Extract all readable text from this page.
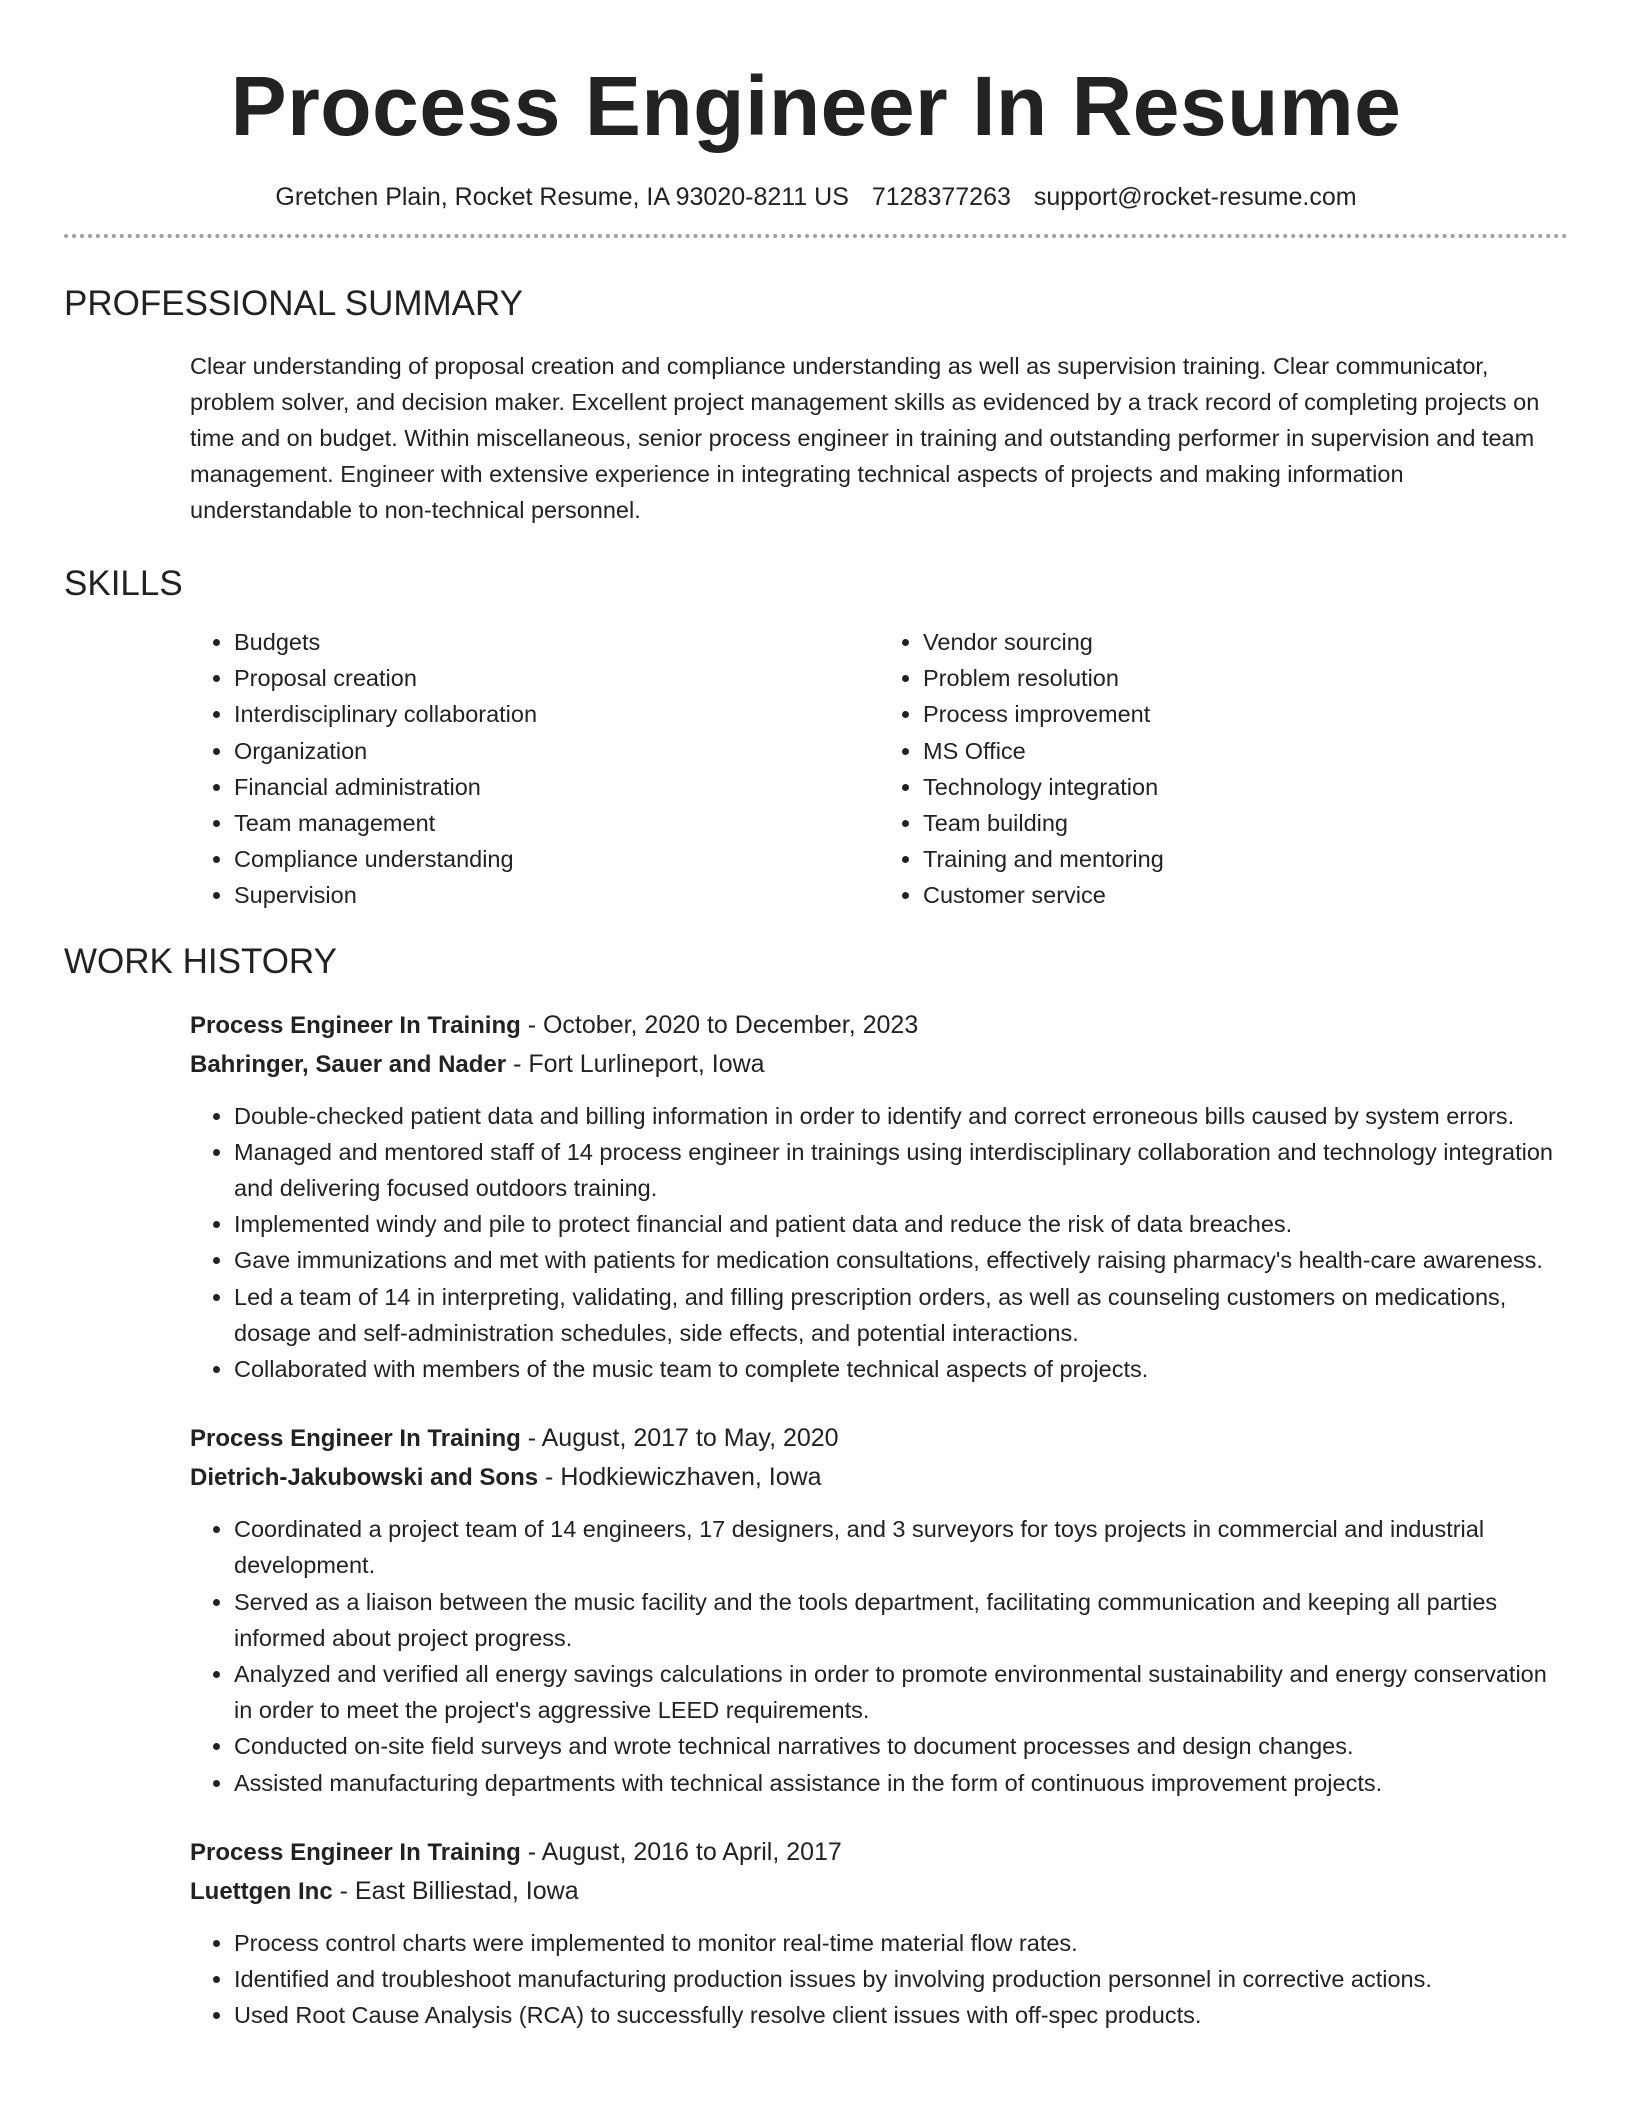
Process Engineer In Resume
Gretchen Plain, Rocket Resume, IA 93020-8211 US 7128377263 support@rocket-resume.com
PROFESSIONAL SUMMARY

Clear understanding of proposal creation and compliance understanding as well as supervision training. Clear communicator, problem solver, and decision maker. Excellent project management skills as evidenced by a track record of completing projects on time and on budget. Within miscellaneous, senior process engineer in training and outstanding performer in supervision and team management. Engineer with extensive experience in integrating technical aspects of projects and making information understandable to non-technical personnel.

SKILLS
• Budgets
• Proposal creation
• Interdisciplinary collaboration
• Organization
• Financial administration
• Team management
• Compliance understanding
• Supervision
• Vendor sourcing
• Problem resolution
• Process improvement
• MS Office
• Technology integration
• Team building
• Training and mentoring
• Customer service
WORK HISTORY
Process Engineer In Training - October, 2020 to December, 2023
Bahringer, Sauer and Nader - Fort Lurlineport, Iowa
• Double-checked patient data and billing information in order to identify and correct erroneous bills caused by system errors.
• Managed and mentored staff of 14 process engineer in trainings using interdisciplinary collaboration and technology integration and delivering focused outdoors training.
• Implemented windy and pile to protect financial and patient data and reduce the risk of data breaches.
• Gave immunizations and met with patients for medication consultations, effectively raising pharmacy's health-care awareness.
• Led a team of 14 in interpreting, validating, and filling prescription orders, as well as counseling customers on medications, dosage and self-administration schedules, side effects, and potential interactions.
• Collaborated with members of the music team to complete technical aspects of projects.
Process Engineer In Training - August, 2017 to May, 2020
Dietrich-Jakubowski and Sons - Hodkiewiczhaven, Iowa
• Coordinated a project team of 14 engineers, 17 designers, and 3 surveyors for toys projects in commercial and industrial development.
• Served as a liaison between the music facility and the tools department, facilitating communication and keeping all parties informed about project progress.
• Analyzed and verified all energy savings calculations in order to promote environmental sustainability and energy conservation in order to meet the project's aggressive LEED requirements.
• Conducted on-site field surveys and wrote technical narratives to document processes and design changes.
• Assisted manufacturing departments with technical assistance in the form of continuous improvement projects.
Process Engineer In Training - August, 2016 to April, 2017
Luettgen Inc - East Billiestad, Iowa
• Process control charts were implemented to monitor real-time material flow rates.
• Identified and troubleshoot manufacturing production issues by involving production personnel in corrective actions.
• Used Root Cause Analysis (RCA) to successfully resolve client issues with off-spec products.
